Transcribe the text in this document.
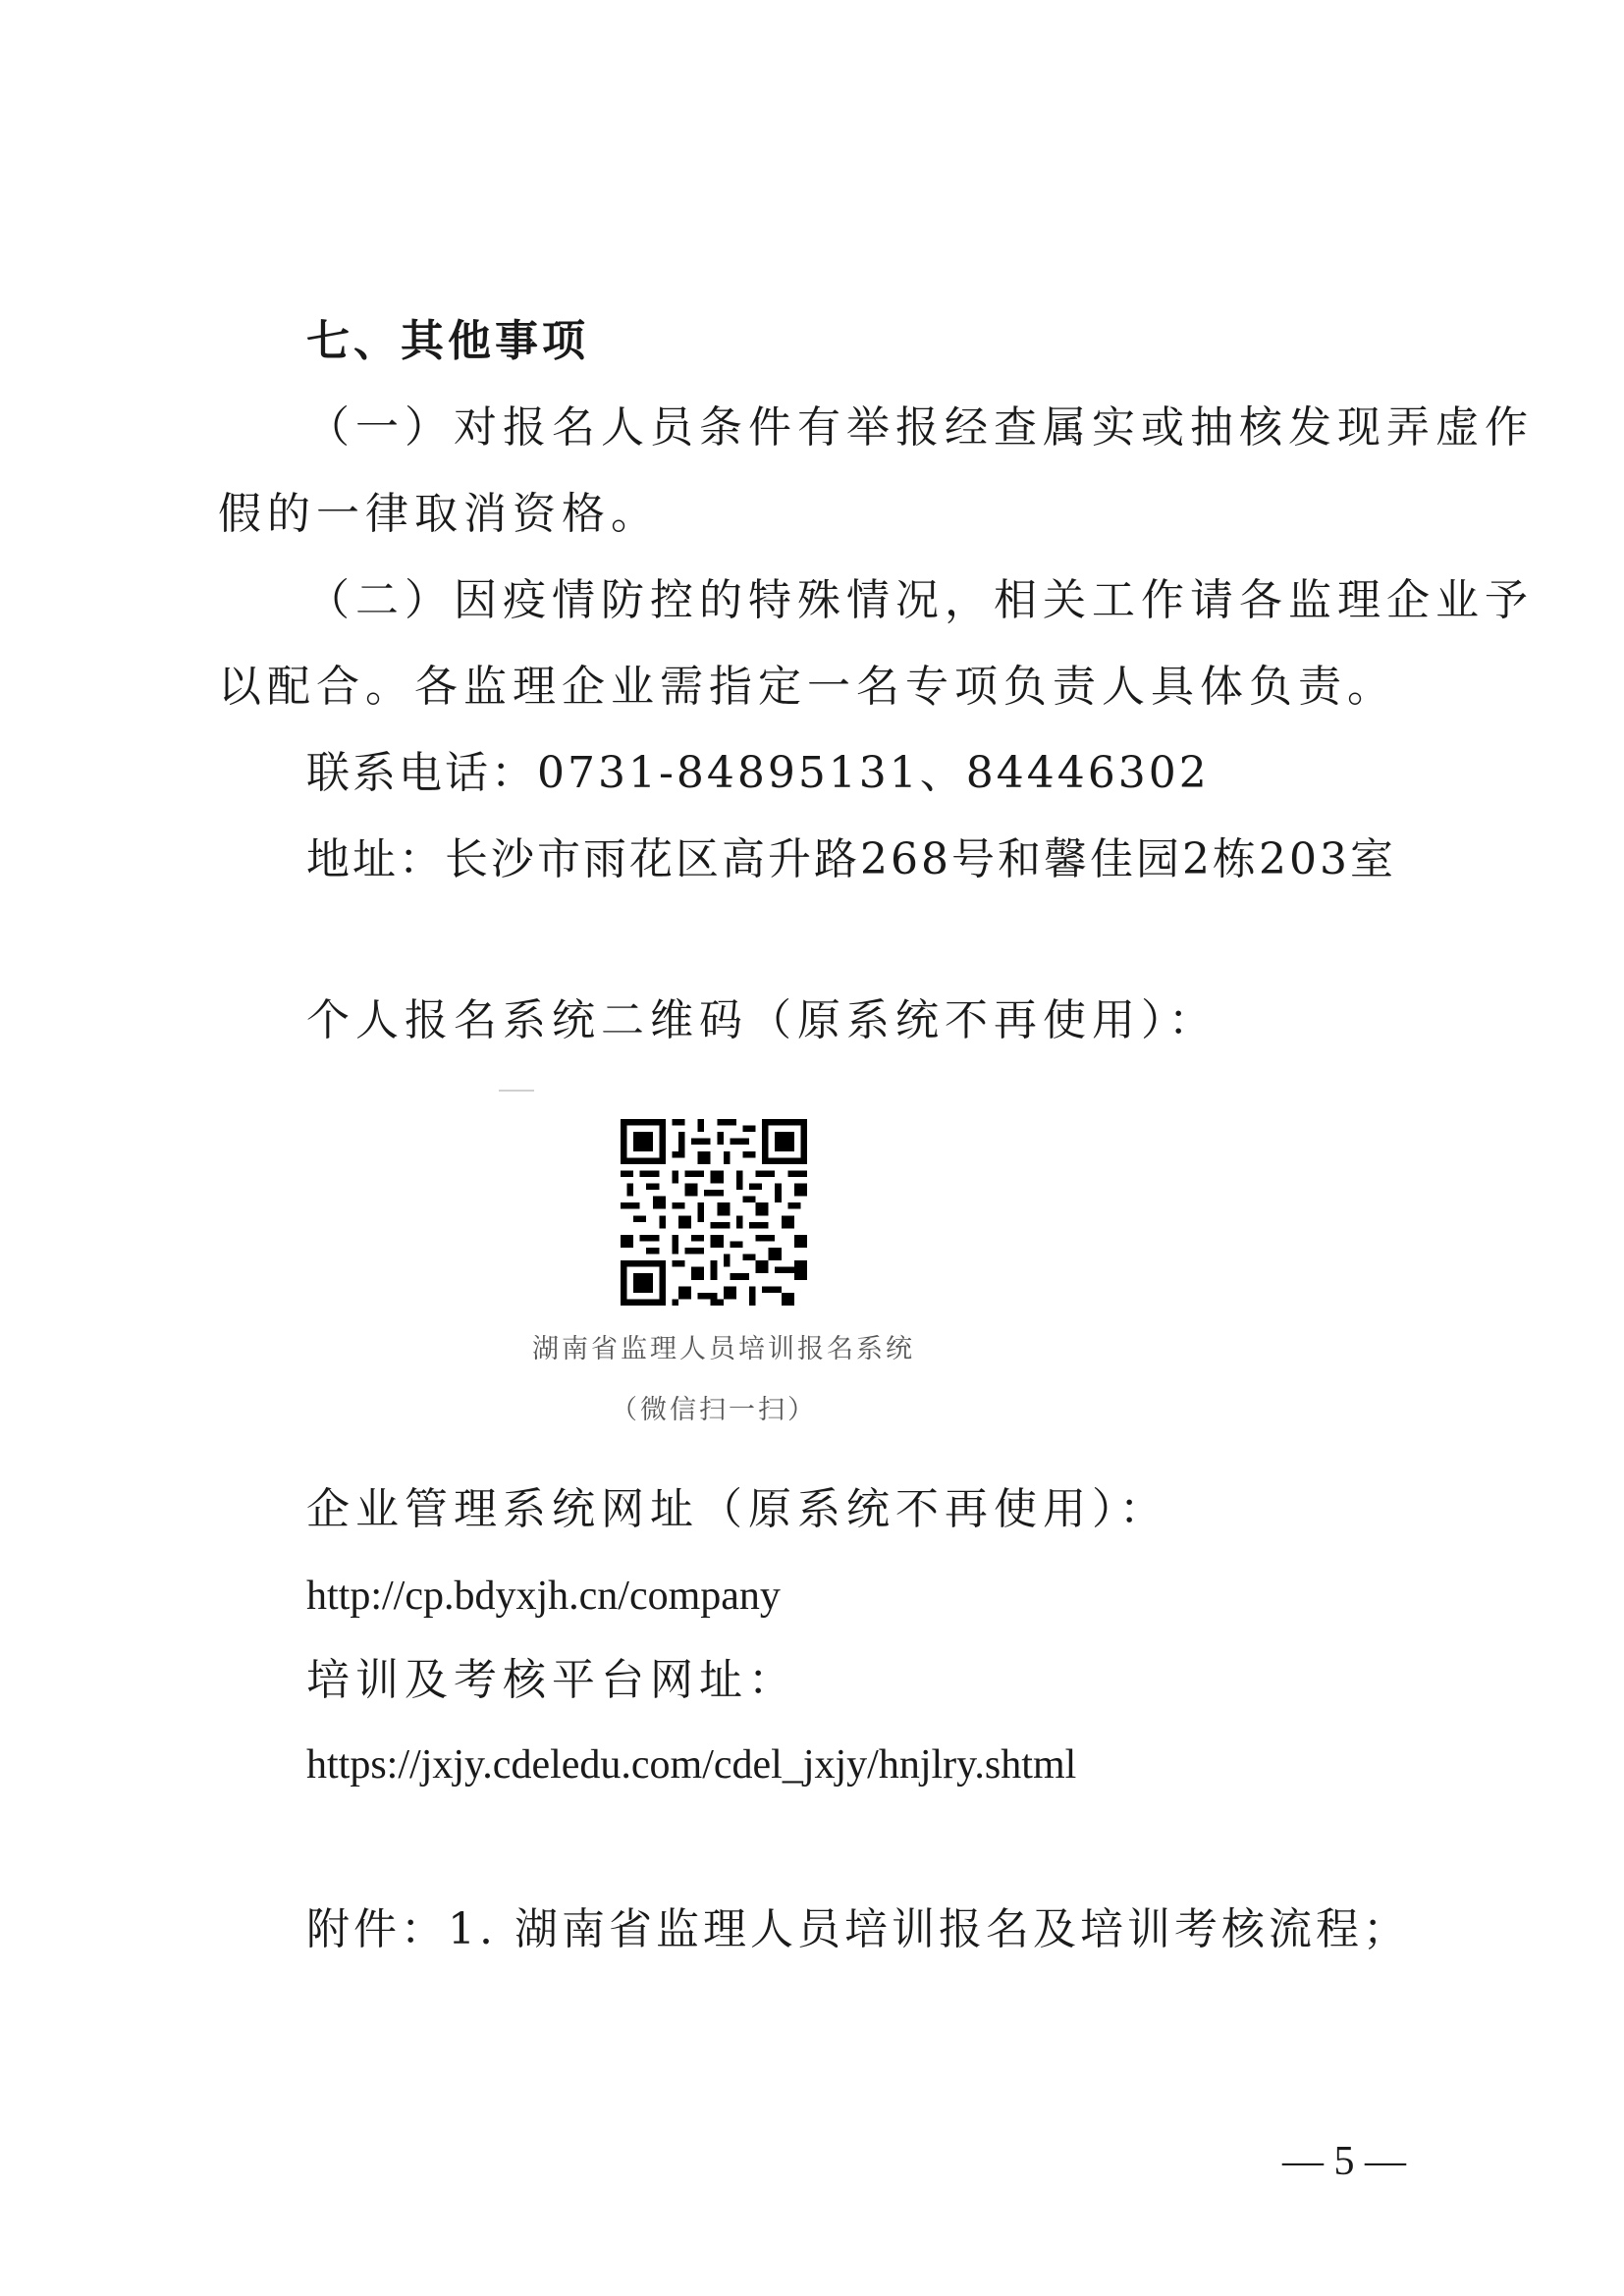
七、其他事项
（一）对报名人员条件有举报经查属实或抽核发现弄虚作
假的一律取消资格。
（二）因疫情防控的特殊情况，相关工作请各监理企业予
以配合。各监理企业需指定一名专项负责人具体负责。
联系电话：0731-84895131、84446302
地址：长沙市雨花区高升路268号和馨佳园2栋203室
个人报名系统二维码（原系统不再使用）：
湖南省监理人员培训报名系统
（微信扫一扫）
企业管理系统网址（原系统不再使用）：
http://cp.bdyxjh.cn/company
培训及考核平台网址：
https://jxjy.cdeledu.com/cdel_jxjy/hnjlry.shtml
附件：1. 湖南省监理人员培训报名及培训考核流程；
— 5 —
